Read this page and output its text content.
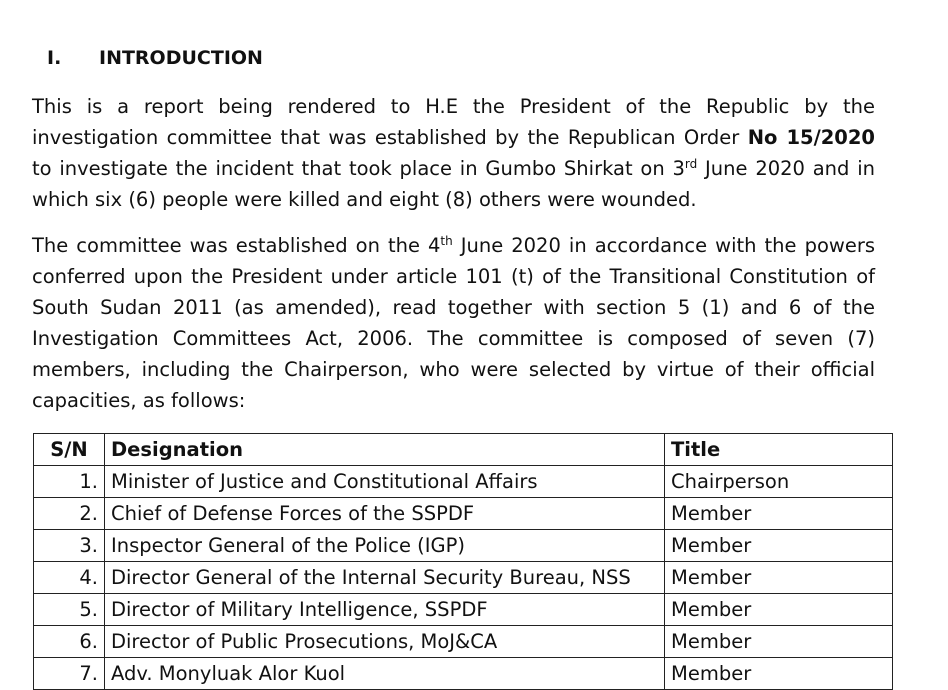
I. INTRODUCTION

This is a report being rendered to H.E the President of the Republic by the investigation committee that was established by the Republican Order No 15/2020 to investigate the incident that took place in Gumbo Shirkat on 3rd June 2020 and in which six (6) people were killed and eight (8) others were wounded.

The committee was established on the 4th June 2020 in accordance with the powers conferred upon the President under article 101 (t) of the Transitional Constitution of South Sudan 2011 (as amended), read together with section 5 (1) and 6 of the Investigation Committees Act, 2006. The committee is composed of seven (7) members, including the Chairperson, who were selected by virtue of their official capacities, as follows:

S/N	Designation	Title
1.	Minister of Justice and Constitutional Affairs	Chairperson
2.	Chief of Defense Forces of the SSPDF	Member
3.	Inspector General of the Police (IGP)	Member
4.	Director General of the Internal Security Bureau, NSS	Member
5.	Director of Military Intelligence, SSPDF	Member
6.	Director of Public Prosecutions, MoJ&CA	Member
7.	Adv. Monyluak Alor Kuol	Member
